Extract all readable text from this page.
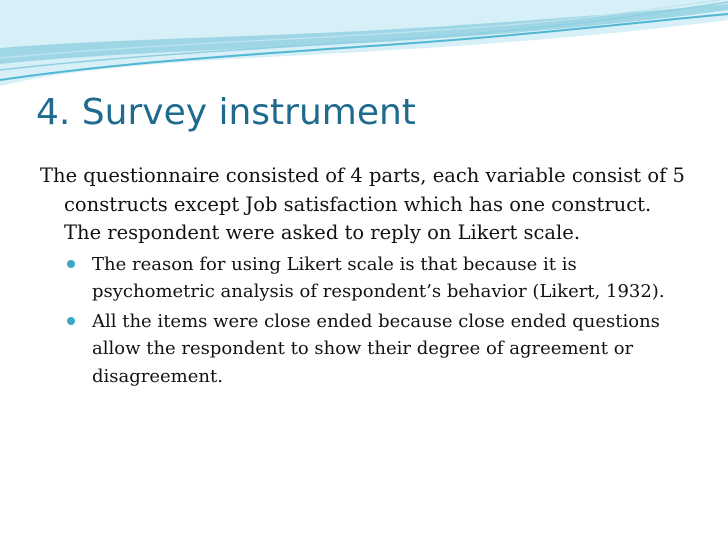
4. Survey instrument

The questionnaire consisted of 4 parts, each variable consist of 5 constructs except Job satisfaction which has one construct. The respondent were asked to reply on Likert scale.

The reason for using Likert scale is that because it is psychometric analysis of respondent’s behavior (Likert, 1932).
All the items were close ended because close ended questions allow the respondent to show their degree of agreement or disagreement.
